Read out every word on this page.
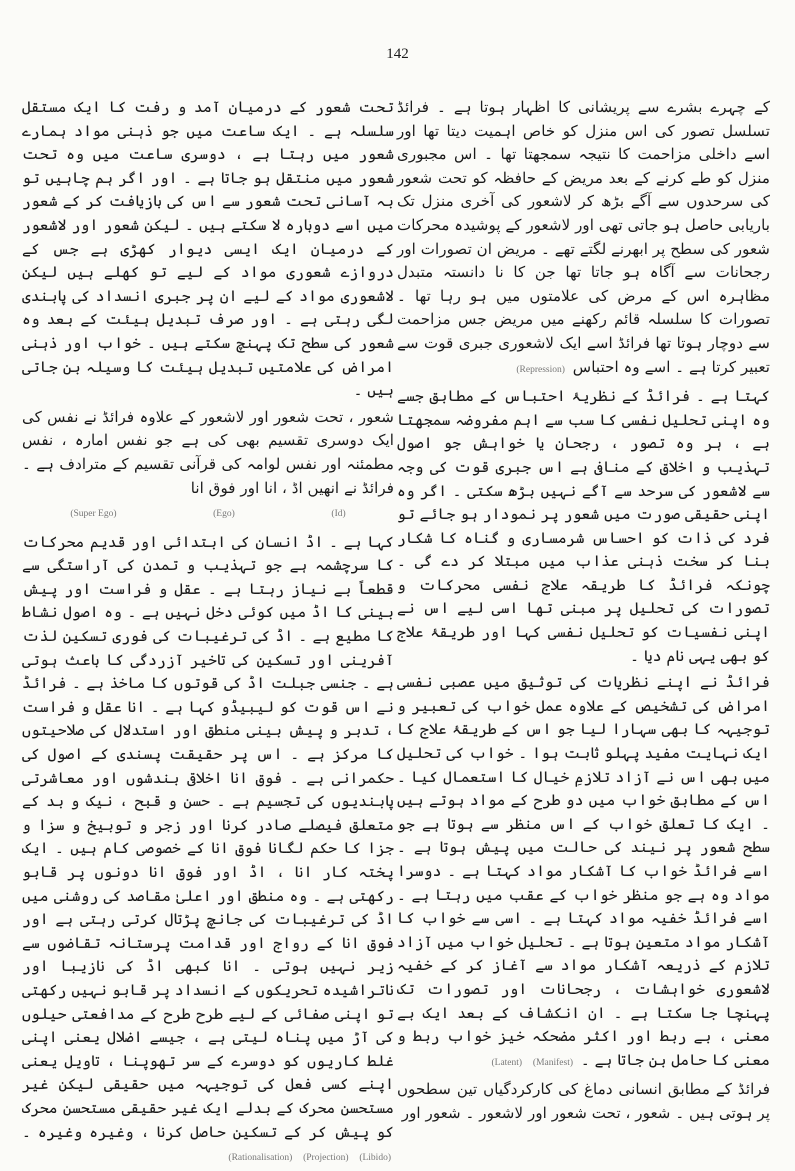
142

کے چہرے بشرے سے پریشانی کا اظہار ہوتا ہے ۔ فرائڈ تسلسل تصور کی اس منزل کو خاص اہمیت دیتا تھا اور اسے داخلی مزاحمت کا نتیجہ سمجھتا تھا ۔ اس مجبوری منزل کو طے کرنے کے بعد مریض کے حافظہ کو تحت شعور کی سرحدوں سے آگے بڑھ کر لاشعور کی آخری منزل تک باریابی حاصل ہو جاتی تھی اور لاشعور کے پوشیدہ محرکات شعور کی سطح پر ابھرنے لگتے تھے ۔ مریض ان تصورات اور رجحانات سے آگاہ ہو جاتا تھا جن کا نا دانستہ متبدل مظاہرہ اس کے مرض کی علامتوں میں ہو رہا تھا ۔ تصورات کا سلسلہ قائم رکھنے میں مریض جس مزاحمت سے دوچار ہوتا تھا فرائڈ اسے ایک لاشعوری جبری قوت سے تعبیر کرتا ہے ۔ اسے وہ احتباس (Repression)

کہتا ہے ۔ فرائڈ کے نظریۂ احتباس کے مطابق جسے وہ اپنی تحلیل نفسی کا سب سے اہم مفروضہ سمجھتا ہے ، ہر وہ تصور ، رجحان یا خواہش جو اصول تہذیب و اخلاق کے منافی ہے اس جبری قوت کی وجہ سے لاشعور کی سرحد سے آگے نہیں بڑھ سکتی ۔ اگر وہ اپنی حقیقی صورت میں شعور پر نمودار ہو جائے تو فرد کی ذات کو احساس شرمساری و گناہ کا شکار بنا کر سخت ذہنی عذاب میں مبتلا کر دے گی ۔ چونکہ فرائڈ کا طریقہ علاج نفسی محرکات و تصورات کی تحلیل پر مبنی تھا اسی لیے اس نے اپنی نفسیات کو تحلیل نفسی کہا اور طریقۂ علاج کو بھی یہی نام دیا ۔

فرائڈ نے اپنے نظریات کی توثیق میں عصبی نفسی امراض کی تشخیص کے علاوہ عمل خواب کی تعبیر و توجیہہ کا بھی سہارا لیا جو اس کے طریقۂ علاج کا ایک نہایت مفید پہلو ثابت ہوا ۔ خواب کی تحلیل میں بھی اس نے آزاد تلازمِ خیال کا استعمال کیا ۔ اس کے مطابق خواب میں دو طرح کے مواد ہوتے ہیں ۔ ایک کا تعلق خواب کے اس منظر سے ہوتا ہے جو سطح شعور پر نیند کی حالت میں پیش ہوتا ہے ۔ اسے فرائڈ خواب کا آشکار مواد کہتا ہے ۔ دوسرا مواد وہ ہے جو منظر خواب کے عقب میں رہتا ہے ۔ اسے فرائڈ خفیہ مواد کہتا ہے ۔ اسی سے خواب کا آشکار مواد متعین ہوتا ہے ۔ تحلیل خواب میں آزاد تلازم کے ذریعہ آشکار مواد سے آغاز کر کے خفیہ لاشعوری خواہشات ، رجحانات اور تصورات تک پہنچا جا سکتا ہے ۔ ان انکشاف کے بعد ایک بے معنی ، بے ربط اور اکثر مضحکہ خیز خواب ربط و معنی کا حامل بن جاتا ہے ۔ (Manifest) (Latent)

فرائڈ کے مطابق انسانی دماغ کی کارکردگیاں تین سطحوں پر ہوتی ہیں ۔ شعور ، تحت شعور اور لاشعور ۔ شعور اور

تحت شعور کے درمیان آمد و رفت کا ایک مستقل سلسلہ ہے ۔ ایک ساعت میں جو ذہنی مواد ہمارے شعور میں رہتا ہے ، دوسری ساعت میں وہ تحت شعور میں منتقل ہو جاتا ہے ۔ اور اگر ہم چاہیں تو بہ آسانی تحت شعور سے اس کی بازیافت کر کے شعور میں اسے دوبارہ لا سکتے ہیں ۔ لیکن شعور اور لاشعور کے درمیان ایک ایسی دیوار کھڑی ہے جس کے دروازے شعوری مواد کے لیے تو کھلے ہیں لیکن لاشعوری مواد کے لیے ان پر جبری انسداد کی پابندی لگی رہتی ہے ۔ اور صرف تبدیل ہیئت کے بعد وہ شعور کی سطح تک پہنچ سکتے ہیں ۔ خواب اور ذہنی امراض کی علامتیں تبدیل ہیئت کا وسیلہ بن جاتی ہیں ۔

شعور ، تحت شعور اور لاشعور کے علاوہ فرائڈ نے نفس کی ایک دوسری تقسیم بھی کی ہے جو نفس امارہ ، نفس مطمئنہ اور نفس لوامہ کی قرآنی تقسیم کے مترادف ہے ۔ فرائڈ نے انھیں اڈ ، انا اور فوق انا

(Super Ego)	(Ego)	(Id)

کہا ہے ۔ اڈ انسان کی ابتدائی اور قدیم محرکات کا سرچشمہ ہے جو تہذیب و تمدن کی آراستگی سے قطعاً بے نیاز رہتا ہے ۔ عقل و فراست اور پیش بینی کا اڈ میں کوئی دخل نہیں ہے ۔ وہ اصول نشاط کا مطیع ہے ۔ اڈ کی ترغیبات کی فوری تسکین لذت آفرینی اور تسکین کی تاخیر آزردگی کا باعث ہوتی ہے ۔ جنسی جبلت اڈ کی قوتوں کا ماخذ ہے ۔ فرائڈ نے اس قوت کو لیبیڈو کہا ہے ۔ انا عقل و فراست ، تدبر و پیش بینی منطق اور استدلال کی صلاحیتوں کا مرکز ہے ۔ اس پر حقیقت پسندی کے اصول کی حکمرانی ہے ۔ فوق انا اخلاقی بندشوں اور معاشرتی پابندیوں کی تجسیم ہے ۔ حسن و قبح ، نیک و بد کے متعلق فیصلے صادر کرنا اور زجر و توبیخ و سزا و جزا کا حکم لگانا فوق انا کے خصوصی کام ہیں ۔ ایک پختہ کار انا ، اڈ اور فوق انا دونوں پر قابو رکھتی ہے ۔ وہ منطق اور اعلیٰ مقاصد کی روشنی میں اڈ کی ترغیبات کی جانچ پڑتال کرتی رہتی ہے اور فوق انا کے رواج اور قدامت پرستانہ تقاضوں سے زیر نہیں ہوتی ۔ انا کبھی اڈ کی نازیبا اور ناتراشیدہ تحریکوں کے انسداد پر قابو نہیں رکھتی تو اپنی صفائی کے لیے طرح طرح کے مدافعتی حیلوں کی آڑ میں پناہ لیتی ہے ، جیسے اضلال یعنی اپنی غلط کاریوں کو دوسرے کے سر تھوپنا ، تاویل یعنی اپنے کسی فعل کی توجیہہ میں حقیقی لیکن غیر مستحسن محرک کے بدلے ایک غیر حقیقی مستحسن محرک کو پیش کر کے تسکین حاصل کرنا ، وغیرہ وغیرہ ۔ (Libido) (Projection) (Rationalisation)
